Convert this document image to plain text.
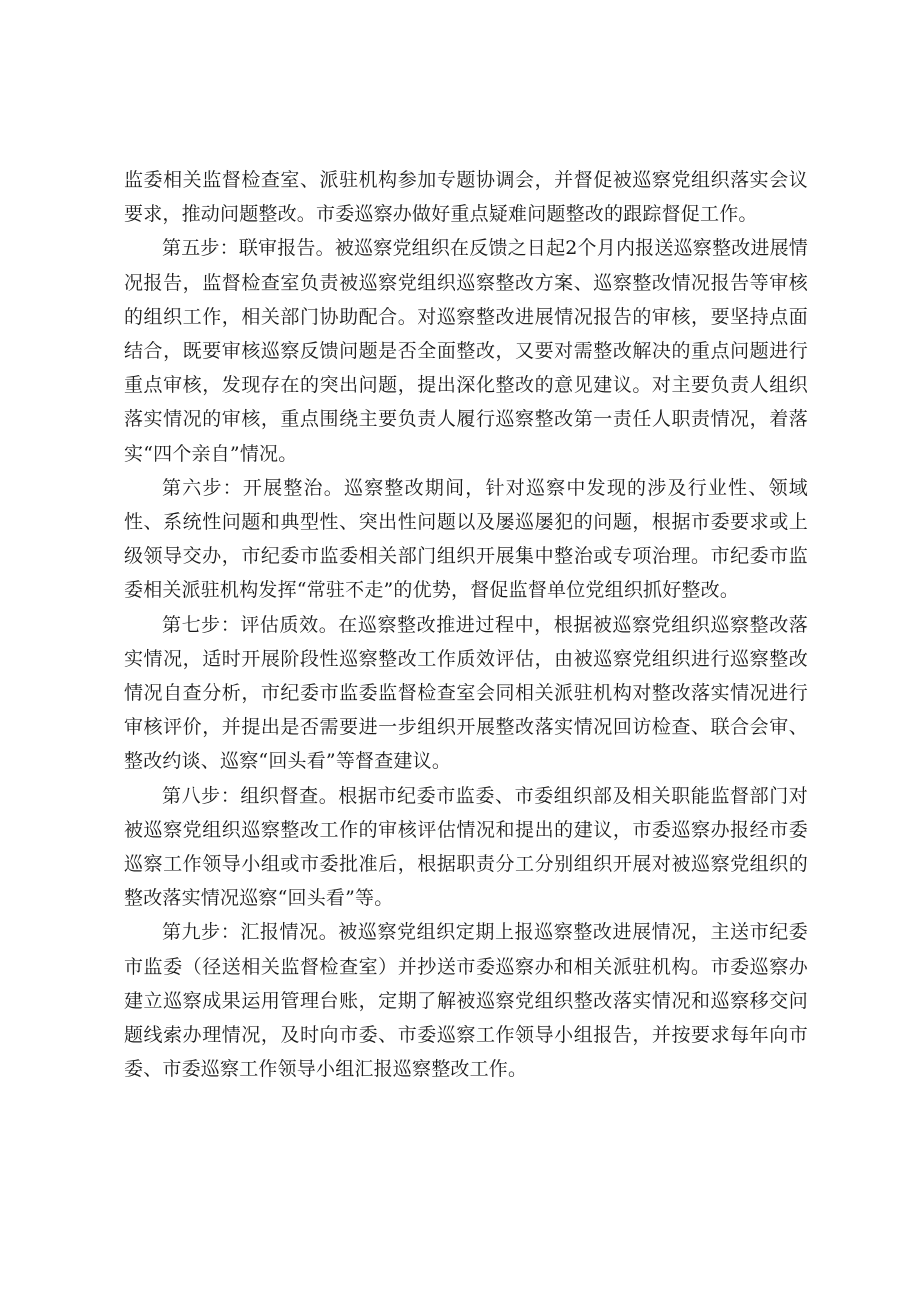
监委相关监督检查室、派驻机构参加专题协调会，并督促被巡察党组织落实会议要求，推动问题整改。市委巡察办做好重点疑难问题整改的跟踪督促工作。

第五步：联审报告。被巡察党组织在反馈之日起2个月内报送巡察整改进展情况报告，监督检查室负责被巡察党组织巡察整改方案、巡察整改情况报告等审核的组织工作，相关部门协助配合。对巡察整改进展情况报告的审核，要坚持点面结合，既要审核巡察反馈问题是否全面整改，又要对需整改解决的重点问题进行重点审核，发现存在的突出问题，提出深化整改的意见建议。对主要负责人组织落实情况的审核，重点围绕主要负责人履行巡察整改第一责任人职责情况，着落实“四个亲自”情况。

第六步：开展整治。巡察整改期间，针对巡察中发现的涉及行业性、领域性、系统性问题和典型性、突出性问题以及屡巡屡犯的问题，根据市委要求或上级领导交办，市纪委市监委相关部门组织开展集中整治或专项治理。市纪委市监委相关派驻机构发挥“常驻不走”的优势，督促监督单位党组织抓好整改。

第七步：评估质效。在巡察整改推进过程中，根据被巡察党组织巡察整改落实情况，适时开展阶段性巡察整改工作质效评估，由被巡察党组织进行巡察整改情况自查分析，市纪委市监委监督检查室会同相关派驻机构对整改落实情况进行审核评价，并提出是否需要进一步组织开展整改落实情况回访检查、联合会审、整改约谈、巡察“回头看”等督查建议。

第八步：组织督查。根据市纪委市监委、市委组织部及相关职能监督部门对被巡察党组织巡察整改工作的审核评估情况和提出的建议，市委巡察办报经市委巡察工作领导小组或市委批准后，根据职责分工分别组织开展对被巡察党组织的整改落实情况巡察“回头看”等。

第九步：汇报情况。被巡察党组织定期上报巡察整改进展情况，主送市纪委市监委（径送相关监督检查室）并抄送市委巡察办和相关派驻机构。市委巡察办建立巡察成果运用管理台账，定期了解被巡察党组织整改落实情况和巡察移交问题线索办理情况，及时向市委、市委巡察工作领导小组报告，并按要求每年向市委、市委巡察工作领导小组汇报巡察整改工作。
